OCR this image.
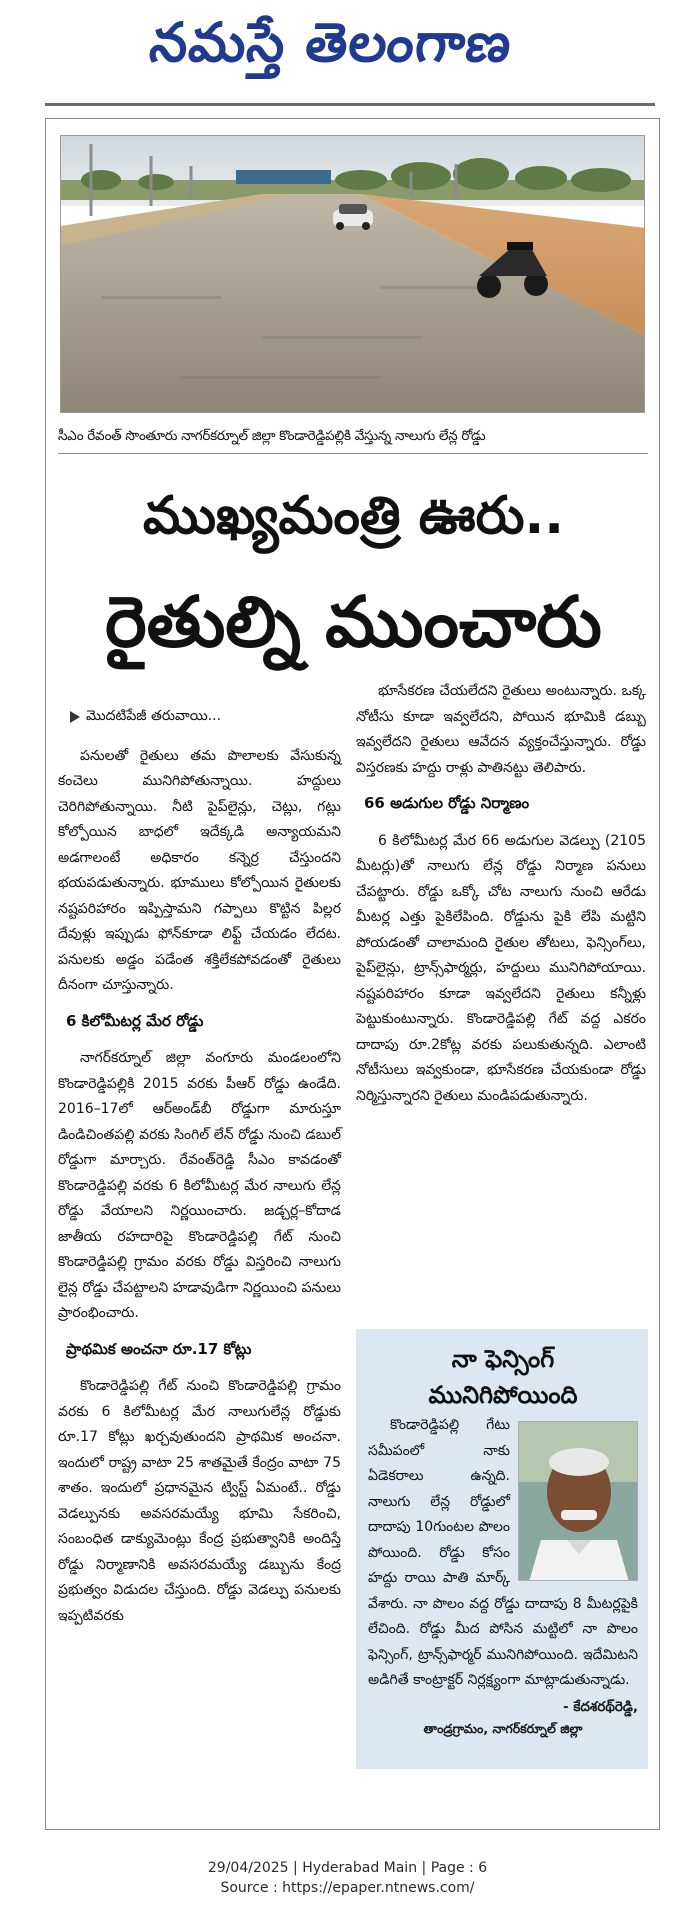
నమస్తే తెలంగాణ
సీఎం రేవంత్‌ సొంతూరు నాగర్‌కర్నూల్‌ జిల్లా కొండారెడ్డిపల్లికి వేస్తున్న నాలుగు లేన్ల రోడ్డు
ముఖ్యమంత్రి ఊరు..
రైతుల్ని ముంచారు
మొదటిపేజీ తరువాయి...
పనులతో రైతులు తమ పొలాలకు వేసుకున్న కంచెలు మునిగిపోతున్నాయి. హద్దులు చెరిగిపోతున్నాయి. నీటి పైప్‌లైన్లు, చెట్లు, గట్లు కోల్పోయిన బాధలో ఇదేక్కడి అన్యాయమని అడగాలంటే అధికారం కన్నెర్ర చేస్తుందని భయపడుతున్నారు. భూములు కోల్పోయిన రైతులకు నష్టపరిహారం ఇప్పిస్తామని గప్పాలు కొట్టిన పిల్లర దేవుళ్లు ఇప్పుడు ఫోన్‌కూడా లిఫ్ట్‌ చేయడం లేదట. పనులకు అడ్డం పడేంత శక్తిలేకపోవడంతో రైతులు దీనంగా చూస్తున్నారు.
6 కిలోమీటర్ల మేర రోడ్డు
నాగర్‌కర్నూల్‌ జిల్లా వంగూరు మండలంలోని కొండారెడ్డిపల్లికి 2015 వరకు పీఆర్‌ రోడ్డు ఉండేది. 2016–17లో ఆర్‌అండ్‌బీ రోడ్డుగా మారుస్తూ డిండిచింతపల్లి వరకు సింగిల్‌ లేన్‌ రోడ్డు నుంచి డబుల్‌ రోడ్డుగా మార్చారు. రేవంత్‌రెడ్డి సీఎం కావడంతో కొండారెడ్డిపల్లి వరకు 6 కిలోమీటర్ల మేర నాలుగు లేన్ల రోడ్డు వేయాలని నిర్ణయించారు. జడ్చర్ల–కోదాడ జాతీయ రహదారిపై కొండారెడ్డిపల్లి గేట్‌ నుంచి కొండారెడ్డిపల్లి గ్రామం వరకు రోడ్డు విస్తరించి నాలుగు లైన్ల రోడ్డు చేపట్టాలని హడావుడిగా నిర్ణయించి పనులు ప్రారంభించారు.
ప్రాథమిక అంచనా రూ.17 కోట్లు
కొండారెడ్డిపల్లి గేట్‌ నుంచి కొండారెడ్డిపల్లి గ్రామం వరకు 6 కిలోమీటర్ల మేర నాలుగులేన్ల రోడ్డుకు రూ.17 కోట్లు ఖర్చవుతుందని ప్రాథమిక అంచనా. ఇందులో రాష్ట్ర వాటా 25 శాతమైతే కేంద్రం వాటా 75 శాతం. ఇందులో ప్రధానమైన ట్విస్ట్‌ ఏమంటే.. రోడ్డు వెడల్పునకు అవసరమయ్యే భూమి సేకరించి, సంబంధిత డాక్యుమెంట్లు కేంద్ర ప్రభుత్వానికి అందిస్తే రోడ్డు నిర్మాణానికి అవసరమయ్యే డబ్బును కేంద్ర ప్రభుత్వం విడుదల చేస్తుంది. రోడ్డు వెడల్పు పనులకు ఇప్పటివరకు
భూసేకరణ చేయలేదని రైతులు అంటున్నారు. ఒక్క నోటీసు కూడా ఇవ్వలేదని, పోయిన భూమికి డబ్బు ఇవ్వలేదని రైతులు ఆవేదన వ్యక్తంచేస్తున్నారు. రోడ్డు విస్తరణకు హద్దు రాళ్లు పాతినట్టు తెలిపారు.
66 అడుగుల రోడ్డు నిర్మాణం
6 కిలోమీటర్ల మేర 66 అడుగుల వెడల్పు (2105 మీటర్లు)తో నాలుగు లేన్ల రోడ్డు నిర్మాణ పనులు చేపట్టారు. రోడ్డు ఒక్కో చోట నాలుగు నుంచి ఆరేడు మీటర్ల ఎత్తు పైకిలేపింది. రోడ్డును పైకి లేపి మట్టిని పోయడంతో చాలామంది రైతుల తోటలు, ఫెన్సింగ్‌లు, పైప్‌లైన్లు, ట్రాన్స్‌ఫార్మర్లు, హద్దులు మునిగిపోయాయి. నష్టపరిహారం కూడా ఇవ్వలేదని రైతులు కన్నీళ్లు పెట్టుకుంటున్నారు. కొండారెడ్డిపల్లి గేట్‌ వద్ద ఎకరం దాదాపు రూ.2కోట్ల వరకు పలుకుతున్నది. ఎలాంటి నోటీసులు ఇవ్వకుండా, భూసేకరణ చేయకుండా రోడ్డు నిర్మిస్తున్నారని రైతులు మండిపడుతున్నారు.
నా ఫెన్సింగ్‌
మునిగిపోయింది
కొండారెడ్డిపల్లి గేటు సమీపంలో నాకు ఏడెకరాలు ఉన్నది. నాలుగు లేన్ల రోడ్డులో దాదాపు 10గుంటల పొలం పోయింది. రోడ్డు కోసం హద్దు రాయి పాతి మార్క్‌ వేశారు. నా పొలం వద్ద రోడ్డు దాదాపు 8 మీటర్లపైకి లేచింది. రోడ్డు మీద పోసిన మట్టిలో నా పొలం ఫెన్సింగ్‌, ట్రాన్స్‌ఫార్మర్‌ మునిగిపోయింది. ఇదేమిటని అడిగితే కాంట్రాక్టర్‌ నిర్లక్ష్యంగా మాట్లాడుతున్నాడు.
- కేదశరథ్‌రెడ్డి,
తాండ్రగ్రామం, నాగర్‌కర్నూల్‌ జిల్లా
29/04/2025 | Hyderabad Main | Page : 6
Source : https://epaper.ntnews.com/
